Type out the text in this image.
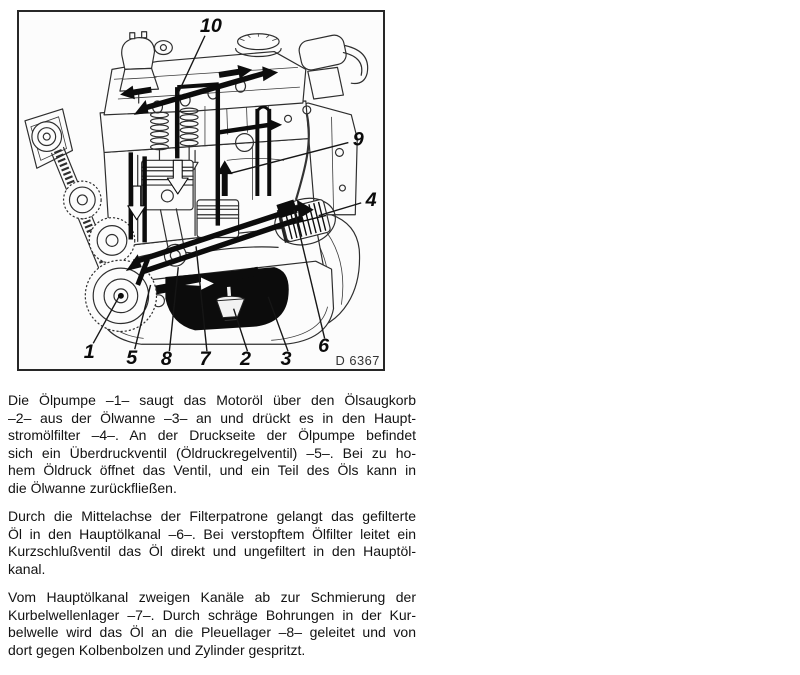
10
9
4
1 5 8 7 2 3
6
D 6367

Die Ölpumpe –1– saugt das Motoröl über den Ölsaugkorb
–2– aus der Ölwanne –3– an und drückt es in den Haupt-
stromölfilter –4–. An der Druckseite der Ölpumpe befindet
sich ein Überdruckventil (Öldruckregelventil) –5–. Bei zu ho-
hem Öldruck öffnet das Ventil, und ein Teil des Öls kann in
die Ölwanne zurückfließen.

Durch die Mittelachse der Filterpatrone gelangt das gefilterte
Öl in den Hauptölkanal –6–. Bei verstopftem Ölfilter leitet ein
Kurzschlußventil das Öl direkt und ungefiltert in den Hauptöl-
kanal.

Vom Hauptölkanal zweigen Kanäle ab zur Schmierung der
Kurbelwellenlager –7–. Durch schräge Bohrungen in der Kur-
belwelle wird das Öl an die Pleuellager –8– geleitet und von
dort gegen Kolbenbolzen und Zylinder gespritzt.
